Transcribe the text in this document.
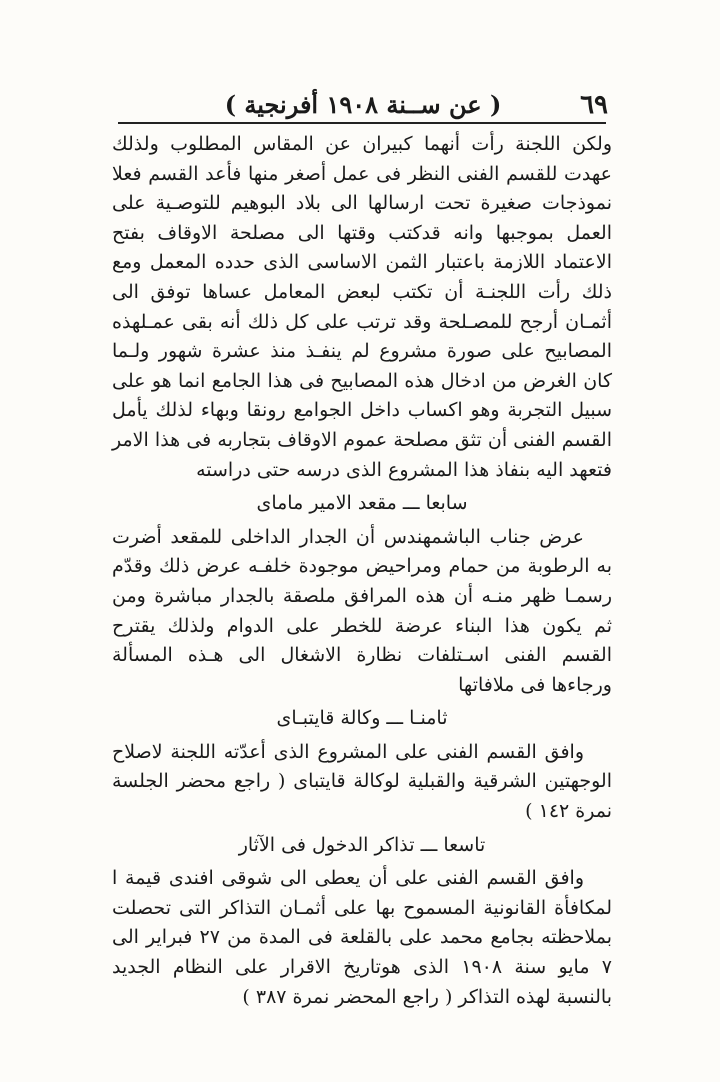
٦٩
( عن ســنة ١٩٠٨ أفرنجية )

ولكن اللجنة رأت أنهما كبيران عن المقاس المطلوب ولذلك عهدت للقسم الفنى النظر فى عمل أصغر منها فأعد القسم فعلا نموذجات صغيرة تحت ارسالها الى بلاد البوهيم للتوصـية على العمل بموجبها وانه قدكتب وقتها الى مصلحة الاوقاف بفتح الاعتماد اللازمة باعتبار الثمن الاساسى الذى حدده المعمل ومع ذلك رأت اللجنـة أن تكتب لبعض المعامل عساها توفق الى أثمـان أرجح للمصـلحة وقد ترتب على كل ذلك أنه بقى عمـلهذه المصابيح على صورة مشروع لم ينفـذ منذ عشرة شهور ولـما كان الغرض من ادخال هذه المصابيح فى هذا الجامع انما هو على سبيل التجربة وهو اكساب داخل الجوامع رونقا وبهاء لذلك يأمل القسم الفنى أن تثق مصلحة عموم الاوقاف بتجاربه فى هذا الامر فتعهد اليه بنفاذ هذا المشروع الذى درسه حتى دراسته

سابعا ـــ مقعد الامير ماماى

عرض جناب الباشمهندس أن الجدار الداخلى للمقعد أضرت به الرطوبة من حمام ومراحيض موجودة خلفـه عرض ذلك وقدّم رسمـا ظهر منـه أن هذه المرافق ملصقة بالجدار مباشرة ومن ثم يكون هذا البناء عرضة للخطر على الدوام ولذلك يقترح القسم الفنى اسـتلفات نظارة الاشغال الى هـذه المسألة ورجاءها فى ملافاتها

ثامنـا ـــ وكالة قايتبـاى

وافق القسم الفنى على المشروع الذى أعدّته اللجنة لاصلاح الوجهتين الشرقية والقبلية لوكالة قايتباى ( راجع محضر الجلسة نمرة ١٤٢ )

تاسعا ـــ تذاكر الدخول فى الآثار

وافق القسم الفنى على أن يعطى الى شوقى افندى قيمة ا لمكافأة القانونية المسموح بها على أثمـان التذاكر التى تحصلت بملاحظته بجامع محمد على بالقلعة فى المدة من ٢٧ فبراير الى ٧ مايو سنة ١٩٠٨ الذى هوتاريخ الاقرار على النظام الجديد بالنسبة لهذه التذاكر ( راجع المحضر نمرة ٣٨٧ )
